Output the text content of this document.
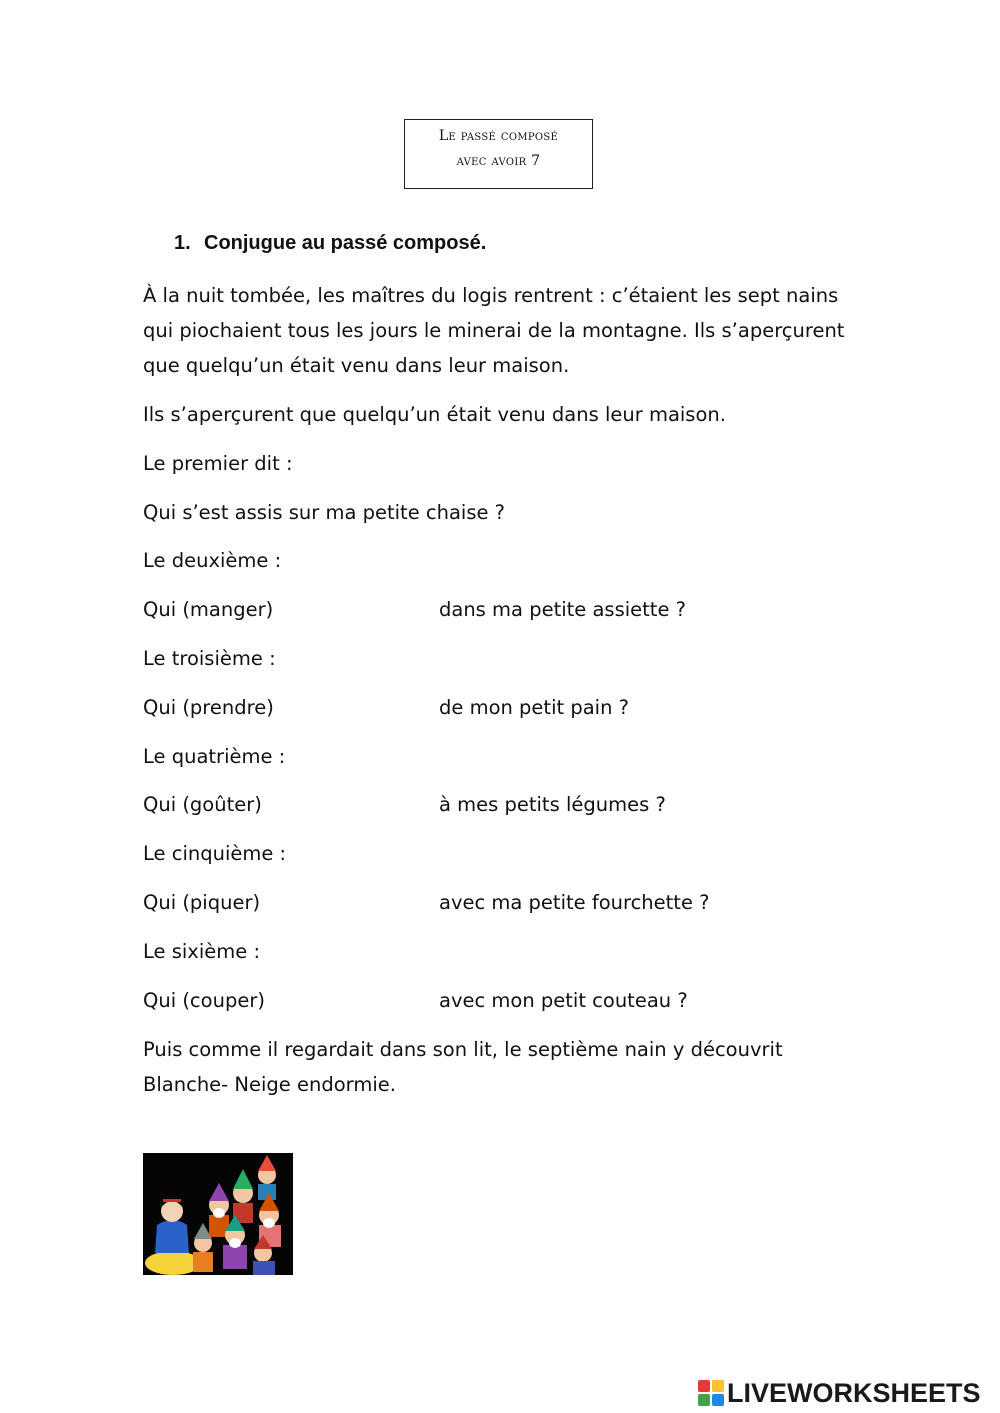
Le passé composé
avec avoir 7
1. Conjugue au passé composé.
À la nuit tombée, les maîtres du logis rentrent : c’étaient les sept nains qui piochaient tous les jours le minerai de la montagne. Ils s’aperçurent que quelqu’un était venu dans leur maison.
Ils s’aperçurent que quelqu’un était venu dans leur maison.
Le premier dit :
Qui s’est assis sur ma petite chaise ?
Le deuxième :
Qui (manger)	dans ma petite assiette ?
Le troisième :
Qui (prendre)	de mon petit pain ?
Le quatrième :
Qui (goûter)	à mes petits légumes ?
Le cinquième :
Qui (piquer)	avec ma petite fourchette ?
Le sixième :
Qui (couper)	avec mon petit couteau ?
Puis comme il regardait dans son lit, le septième nain y découvrit Blanche- Neige endormie.
LIVEWORKSHEETS
